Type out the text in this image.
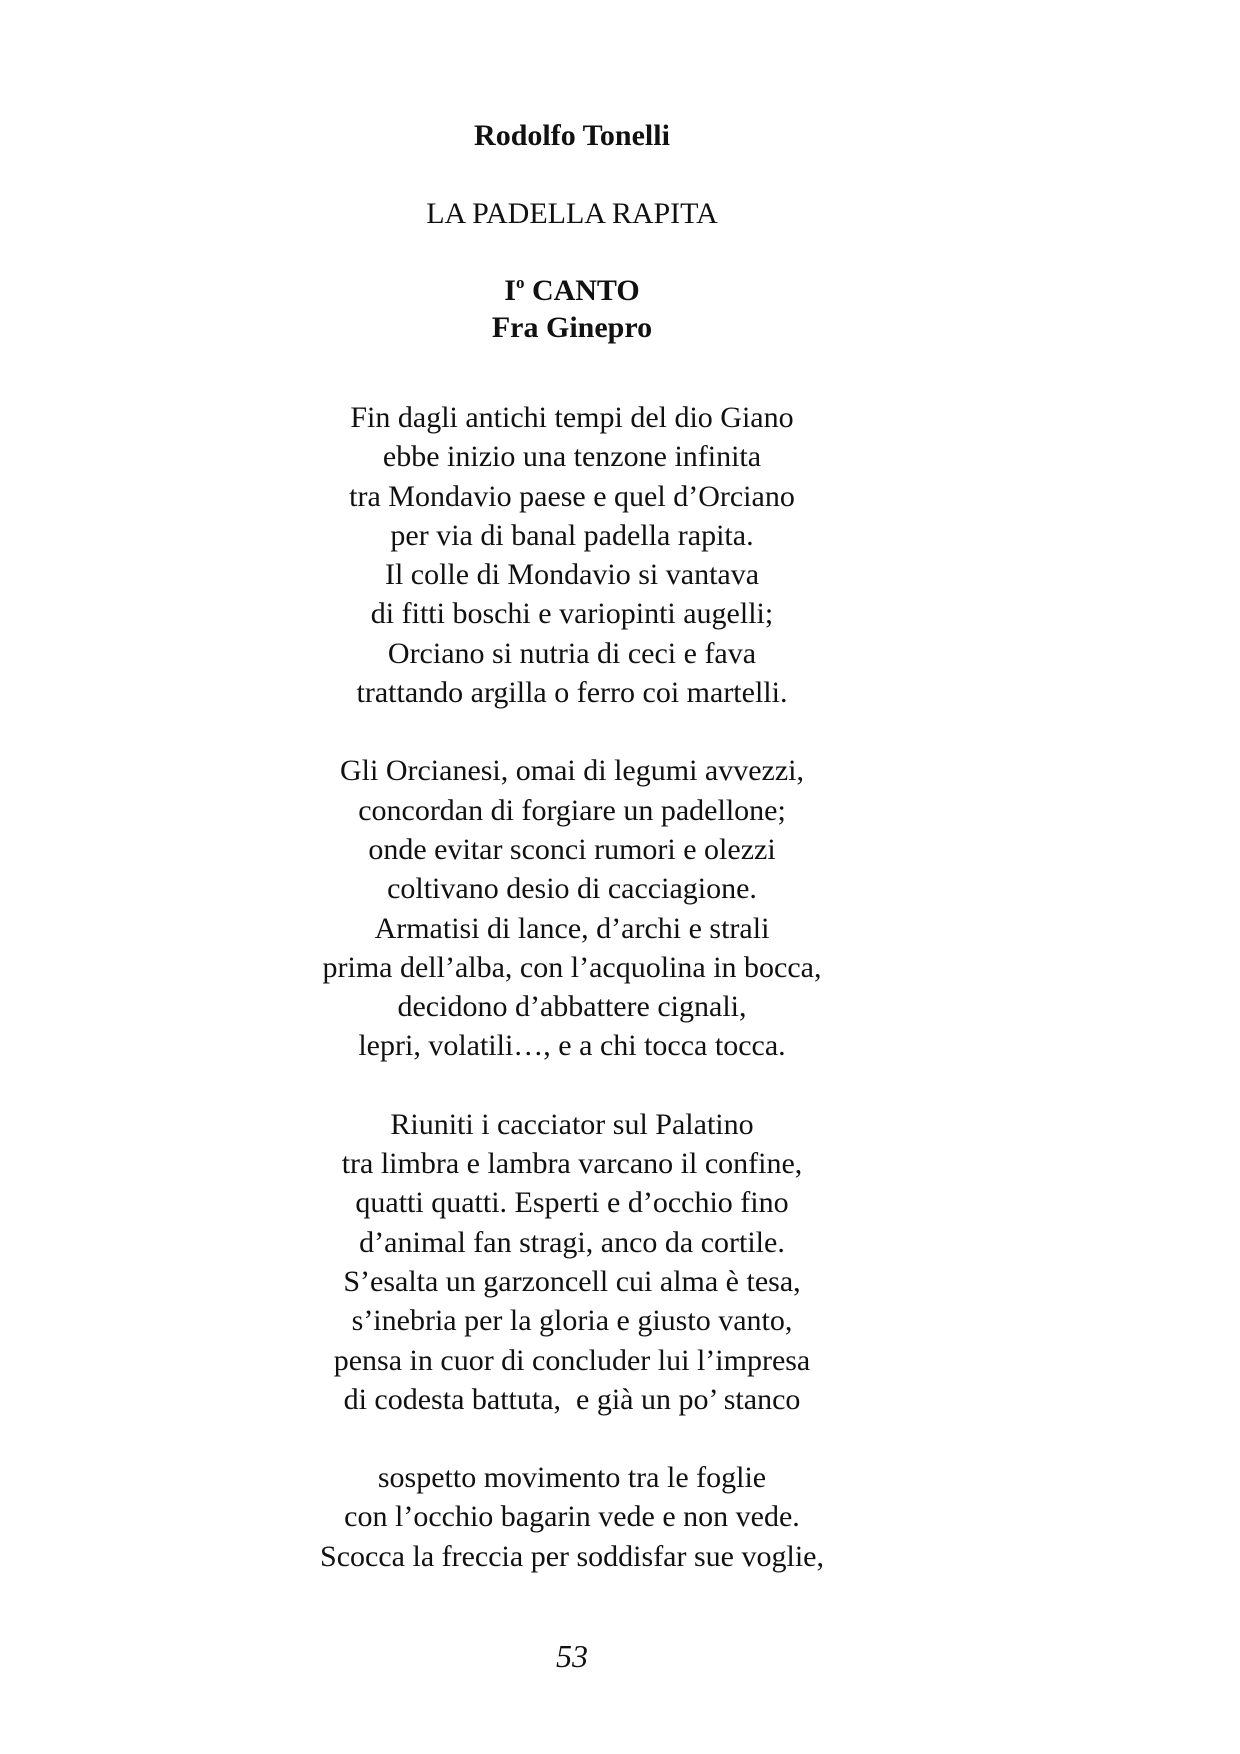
Rodolfo Tonelli
LA PADELLA RAPITA
$I^o$ CANTO
Fra Ginepro
Fin dagli antichi tempi del dio Giano
ebbe inizio una tenzone infinita
tra Mondavio paese e quel d’Orciano
per via di banal padella rapita.
Il colle di Mondavio si vantava
di fitti boschi e variopinti augelli;
Orciano si nutria di ceci e fava
trattando argilla o ferro coi martelli.
Gli Orcianesi, omai di legumi avvezzi,
concordan di forgiare un padellone;
onde evitar sconci rumori e olezzi
coltivano desio di cacciagione.
Armatisi di lance, d’archi e strali
prima dell’alba, con l’acquolina in bocca,
decidono d’abbattere cignali,
lepri, volatili…, e a chi tocca tocca.
Riuniti i cacciator sul Palatino
tra limbra e lambra varcano il confine,
quatti quatti. Esperti e d’occhio fino
d’animal fan stragi, anco da cortile.
S’esalta un garzoncell cui alma è tesa,
s’inebria per la gloria e giusto vanto,
pensa in cuor di concluder lui l’impresa
di codesta battuta,  e già un po’ stanco
sospetto movimento tra le foglie
con l’occhio bagarin vede e non vede.
Scocca la freccia per soddisfar sue voglie,
53
